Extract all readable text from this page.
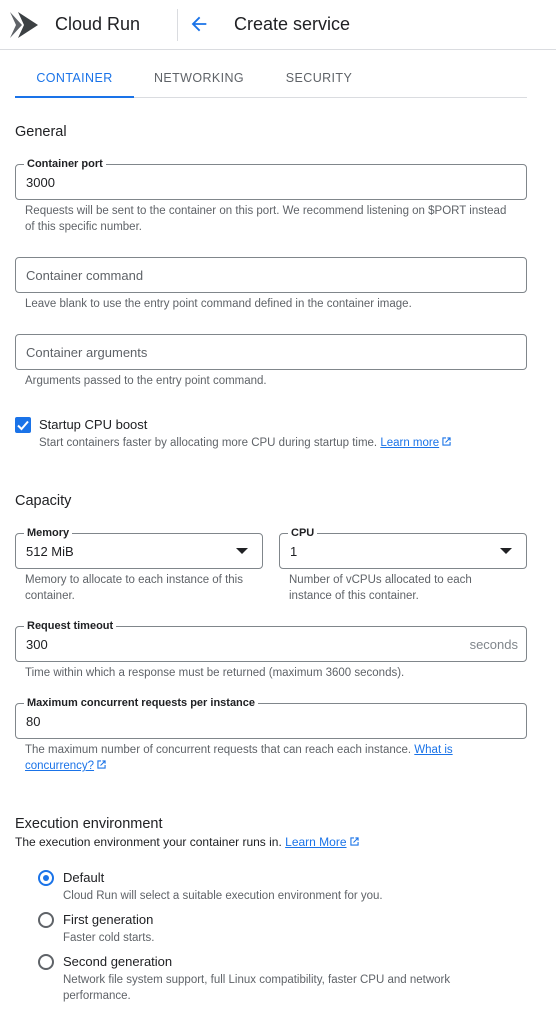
Cloud Run	Create service
CONTAINER	NETWORKING	SECURITY
General
Container port
3000
Requests will be sent to the container on this port. We recommend listening on $PORT instead of this specific number.
Container command
Leave blank to use the entry point command defined in the container image.
Container arguments
Arguments passed to the entry point command.
Startup CPU boost
Start containers faster by allocating more CPU during startup time. Learn more
Capacity
Memory
512 MiB
Memory to allocate to each instance of this container.
CPU
1
Number of vCPUs allocated to each instance of this container.
Request timeout
300	seconds
Time within which a response must be returned (maximum 3600 seconds).
Maximum concurrent requests per instance
80
The maximum number of concurrent requests that can reach each instance. What is concurrency?
Execution environment
The execution environment your container runs in. Learn More
Default
Cloud Run will select a suitable execution environment for you.
First generation
Faster cold starts.
Second generation
Network file system support, full Linux compatibility, faster CPU and network performance.
